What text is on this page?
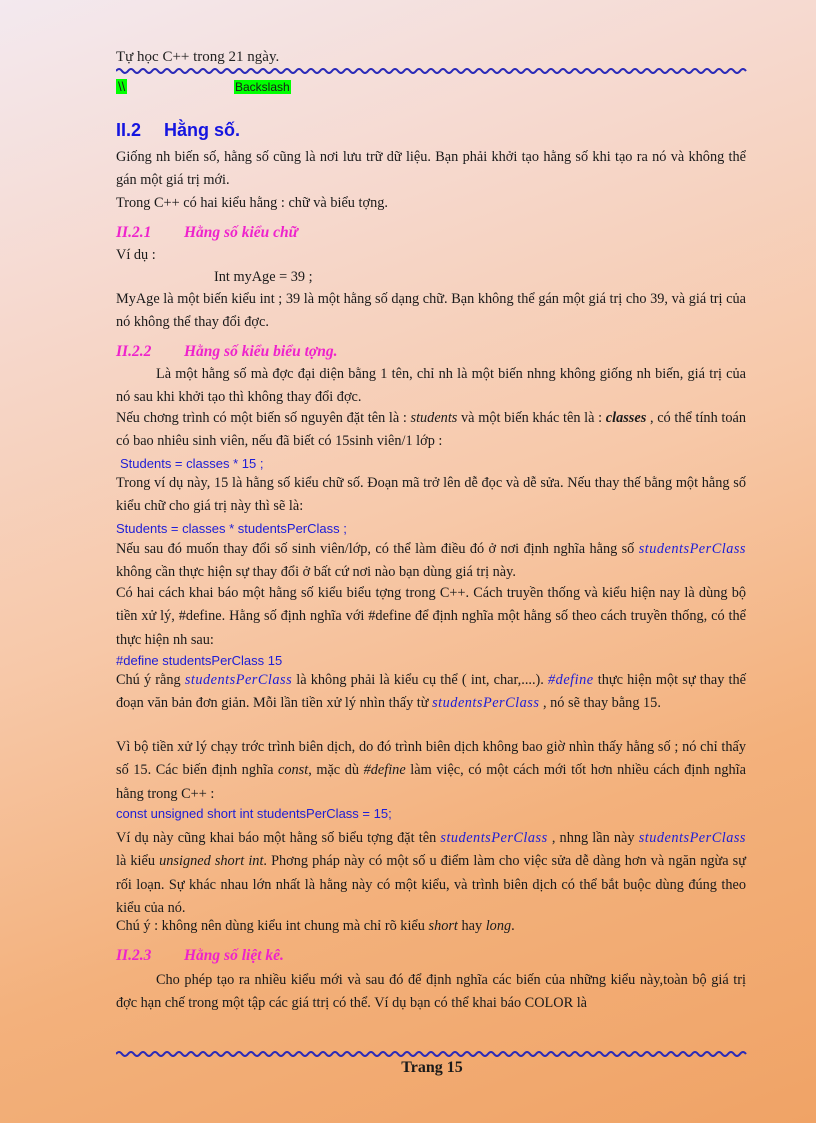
Tự học C++ trong 21 ngày.
\\	Backslash
II.2 Hằng số.
Giống nh biến số, hằng số cũng là nơi lưu trữ dữ liệu. Bạn phải khởi tạo hằng số khi tạo ra nó và không thể gán một giá trị mới.
Trong C++ có hai kiểu hằng : chữ và biểu tợng.
II.2.1 Hằng số kiểu chữ
Ví dụ :
Int myAge = 39 ;
MyAge là một biến kiểu int ; 39 là một hằng số dạng chữ. Bạn không thể gán một giá trị cho 39, và giá trị của nó không thể thay đổi đợc.
II.2.2 Hằng số kiểu biểu tợng.
Là một hằng số mà đợc đại diện bằng 1 tên, chỉ nh là một biến nhng không giống nh biến, giá trị của nó sau khi khởi tạo thì không thay đổi đợc.
Nếu chơng trình có một biến số nguyên đặt tên là : students và một biến khác tên là : classes , có thể tính toán có bao nhiêu sinh viên, nếu đã biết có 15sinh viên/1 lớp :
Students = classes * 15 ;
Trong ví dụ này, 15 là hằng số kiểu chữ số. Đoạn mã trở lên dễ đọc và dễ sửa. Nếu thay thế bằng một hằng số kiểu chữ cho giá trị này thì sẽ là:
Students = classes * studentsPerClass ;
Nếu sau đó muốn thay đổi số sinh viên/lớp, có thể làm điều đó ở nơi định nghĩa hằng số studentsPerClass không cần thực hiện sự thay đổi ở bất cứ nơi nào bạn dùng giá trị này.
Có hai cách khai báo một hằng số kiểu biểu tợng trong C++. Cách truyền thống và kiểu hiện nay là dùng bộ tiền xử lý, #define. Hằng số định nghĩa với #define để định nghĩa một hằng số theo cách truyền thống, có thể thực hiện nh sau:
#define studentsPerClass 15
Chú ý rằng studentsPerClass là không phải là kiểu cụ thể ( int, char,....). #define thực hiện một sự thay thế đoạn văn bản đơn giản. Mỗi lần tiền xử lý nhìn thấy từ studentsPerClass , nó sẽ thay bằng 15.
Vì bộ tiền xử lý chạy trớc trình biên dịch, do đó trình biên dịch không bao giờ nhìn thấy hằng số ; nó chỉ thấy số 15. Các biến định nghĩa const, mặc dù #define làm việc, có một cách mới tốt hơn nhiều cách định nghĩa hằng trong C++ :
const unsigned short int studentsPerClass = 15;
Ví dụ này cũng khai báo một hằng số biểu tợng đặt tên studentsPerClass , nhng lần này studentsPerClass là kiểu unsigned short int. Phơng pháp này có một số u điểm làm cho việc sửa dễ dàng hơn và ngăn ngừa sự rối loạn. Sự khác nhau lớn nhất là hằng này có một kiểu, và trình biên dịch có thể bắt buộc dùng đúng theo kiểu của nó.
Chú ý : không nên dùng kiểu int chung mà chỉ rõ kiểu short hay long.
II.2.3 Hằng số liệt kê.
Cho phép tạo ra nhiều kiểu mới và sau đó để định nghĩa các biến của những kiểu này,toàn bộ giá trị đợc hạn chế trong một tập các giá ttrị có thể. Ví dụ bạn có thể khai báo COLOR là
Trang 15
